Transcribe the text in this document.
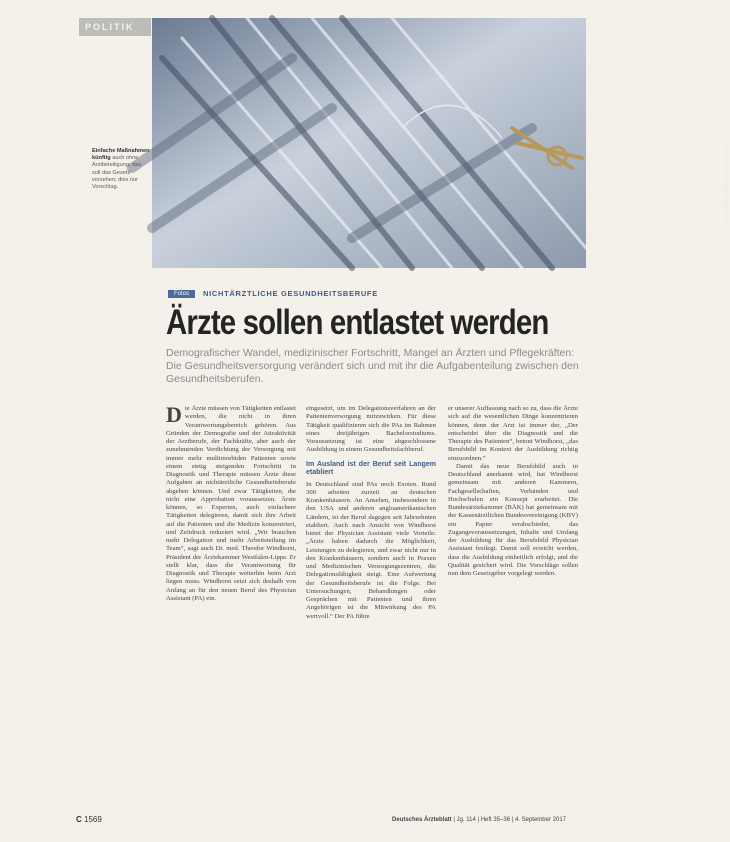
POLITIK
Foto: Westend61/Sarah Holmlund
Einfache Maßnahmen künftig auch ohne Arztbeteiligung: das soll das Gesetz vorsehen; dies nur Vorschlag.
Fotos	NICHTÄRZTLICHE GESUNDHEITSBERUFE
Ärzte sollen entlastet werden
Demografischer Wandel, medizinischer Fortschritt, Mangel an Ärzten und Pflegekräften: Die Gesundheitsversorgung verändert sich und mit ihr die Aufgabenteilung zwischen den Gesundheitsberufen.
D ie Ärzte müssen von Tätigkeiten entlastet werden, die nicht in ihren Verantwortungsbereich gehören. Aus Gründen der Demografie und der Attraktivität der Arztberufe, der Fachkräfte, aber auch der zunehmenden Verdichtung der Versorgung mit immer mehr multimorbiden Patienten sowie einem stetig steigenden Fortschritt in Diagnostik und Therapie müssen Ärzte diese Aufgaben an nichtärztliche Gesundheitsberufe abgeben können. Und zwar Tätigkeiten, die nicht eine Approbation voraussetzen. Ärzte können, so Experten, auch einfachere Tätigkeiten delegieren, damit sich ihre Arbeit auf die Patienten und die Medizin konzentriert, und Zeitdruck reduziert wird. „Wir brauchen mehr Delegation und mehr Arbeitsteilung im Team“, sagt auch Dr. med. Theodor Windhorst, Präsident der Ärztekammer Westfalen-Lippe. Er stellt klar, dass die Verantwortung für Diagnostik und Therapie weiterhin beim Arzt liegen muss. Windhorst setzt sich deshalb von Anfang an für den neuen Beruf des Physician Assistant (PA) ein.

eingesetzt, um im Delegationsverfahren an der Patientenversorgung mitzuwirken. Für diese Tätigkeit qualifizieren sich die PAs im Rahmen eines dreijährigen Bachelorstudiums. Voraussetzung ist eine abgeschlossene Ausbildung in einem Gesundheitsfachberuf.

Im Ausland ist der Beruf seit Langem etabliert

In Deutschland sind PAs noch Exoten. Rund 300 arbeiten zurzeit an deutschen Krankenhäusern. An Ansehen, insbesondere in den USA und anderen angloamerikanischen Ländern, ist der Beruf dagegen seit Jahrzehnten etabliert. Auch nach Ansicht von Windhorst bietet der Physician Assistant viele Vorteile: „Ärzte haben dadurch die Möglichkeit, Leistungen zu delegieren, und zwar nicht nur in den Krankenhäusern, sondern auch in Praxen und Medizinischen Versorgungszentren, die Delegationsfähigkeit steigt. Eine Aufwertung der Gesundheitsberufe ist die Folge. Bei Untersuchungen, Behandlungen oder Gesprächen mit Patienten und ihren Angehörigen ist die Mitwirkung des PA wertvoll.“ Der PA führe

er unserer Auffassung nach so zu, dass die Ärzte sich auf die wesentlichen Dinge konzentrieren können, denn der Arzt ist immer der, „Der entscheidet über die Diagnostik und die Therapie des Patienten“, betont Windhorst, „das Berufsbild im Kontext der Ausbildung richtig einzuordnen.“

Damit das neue Berufsbild auch in Deutschland anerkannt wird, hat Windhorst gemeinsam mit anderen Kammern, Fachgesellschaften, Verbänden und Hochschulen ein Konzept erarbeitet. Die Bundesärztekammer (BÄK) hat gemeinsam mit der Kassenärztlichen Bundesvereinigung (KBV) ein Papier verabschiedet, das Zugangsvoraussetzungen, Inhalte und Umfang der Ausbildung für das Berufsbild Physician Assistant festlegt. Damit soll erreicht werden, dass die Ausbildung einheitlich erfolgt, und die Qualität gesichert wird. Die Vorschläge sollen nun dem Gesetzgeber vorgelegt werden.

C 1569	Deutsches Ärzteblatt | Jg. 114 | Heft 35–36 | 4. September 2017
